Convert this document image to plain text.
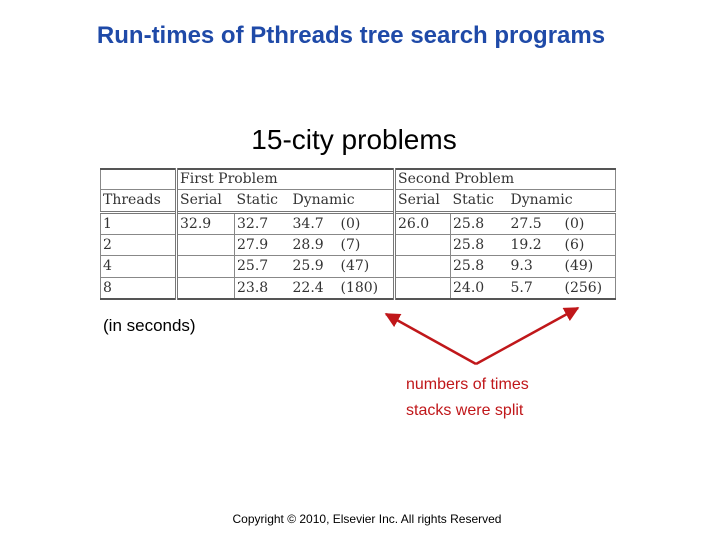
Run-times of Pthreads tree search programs
15-city problems
	First Problem				Second Problem			
Threads	Serial	Static	Dynamic		Serial	Static	Dynamic	
1	32.9	32.7	34.7	(0)	26.0	25.8	27.5	(0)
2		27.9	28.9	(7)		25.8	19.2	(6)
4		25.7	25.9	(47)		25.8	9.3	(49)
8		23.8	22.4	(180)		24.0	5.7	(256)
(in seconds)
numbers of times
stacks were split
Copyright © 2010, Elsevier Inc. All rights Reserved
